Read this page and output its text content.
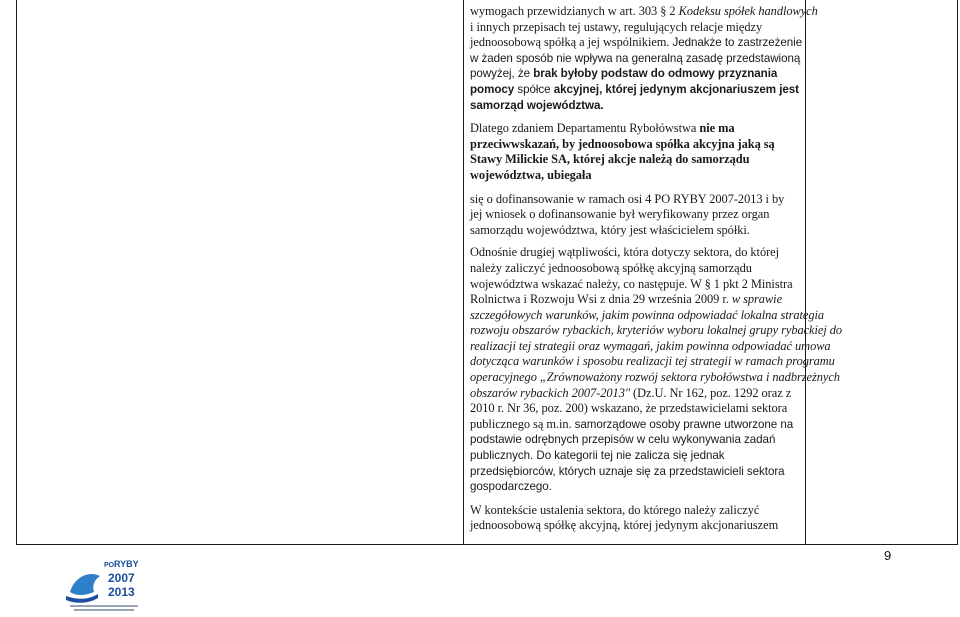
wymogach przewidzianych w art. 303 § 2 Kodeksu spółek handlowych
i innych przepisach tej ustawy, regulujących relacje między
jednoosobową spółką a jej wspólnikiem. Jednakże to zastrzeżenie
w żaden sposób nie wpływa na generalną zasadę przedstawioną
powyżej, że brak byłoby podstaw do odmowy przyznania
pomocy spółce akcyjnej, której jedynym akcjonariuszem jest
samorząd województwa.

Dlatego zdaniem Departamentu Rybołówstwa nie ma
przeciwwskazań, by jednoosobowa spółka akcyjna jaką są
Stawy Milickie SA, której akcje należą do samorządu
województwa, ubiegała

się o dofinansowanie w ramach osi 4 PO RYBY 2007-2013 i by
jej wniosek o dofinansowanie był weryfikowany przez organ
samorządu województwa, który jest właścicielem spółki.

Odnośnie drugiej wątpliwości, która dotyczy sektora, do której
należy zaliczyć jednoosobową spółkę akcyjną samorządu
województwa wskazać należy, co następuje. W § 1 pkt 2 Ministra
Rolnictwa i Rozwoju Wsi z dnia 29 września 2009 r. w sprawie
szczegółowych warunków, jakim powinna odpowiadać lokalna strategia
rozwoju obszarów rybackich, kryteriów wyboru lokalnej grupy rybackiej do
realizacji tej strategii oraz wymagań, jakim powinna odpowiadać umowa
dotycząca warunków i sposobu realizacji tej strategii w ramach programu
operacyjnego „Zrównoważony rozwój sektora rybołówstwa i nadbrzeżnych
obszarów rybackich 2007-2013" (Dz.U. Nr 162, poz. 1292 oraz z
2010 r. Nr 36, poz. 200) wskazano, że przedstawicielami sektora
publicznego są m.in. samorządowe osoby prawne utworzone na
podstawie odrębnych przepisów w celu wykonywania zadań
publicznych. Do kategorii tej nie zalicza się jednak
przedsiębiorców, których uznaje się za przedstawicieli sektora
gospodarczego.

W kontekście ustalenia sektora, do którego należy zaliczyć
jednoosobową spółkę akcyjną, której jedynym akcjonariuszem

9
PO RYBY
2007
2013
